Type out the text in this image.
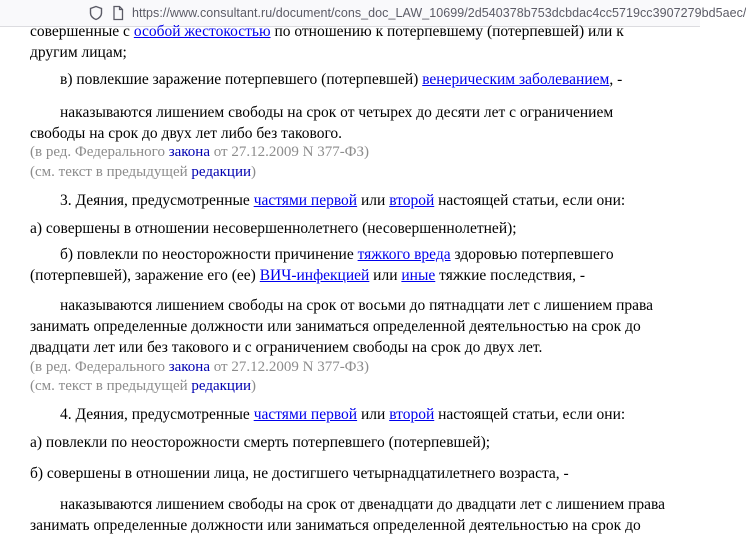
https://www.consultant.ru/document/cons_doc_LAW_10699/2d540378b753dcbdac4cc5719cc3907279bd5aec/

совершенные с особой жестокостью по отношению к потерпевшему (потерпевшей) или к другим лицам;

в) повлекшие заражение потерпевшего (потерпевшей) венерическим заболеванием, -

наказываются лишением свободы на срок от четырех до десяти лет с ограничением свободы на срок до двух лет либо без такового.

(в ред. Федерального закона от 27.12.2009 N 377-ФЗ)

(см. текст в предыдущей редакции)

3. Деяния, предусмотренные частями первой или второй настоящей статьи, если они:

а) совершены в отношении несовершеннолетнего (несовершеннолетней);

б) повлекли по неосторожности причинение тяжкого вреда здоровью потерпевшего (потерпевшей), заражение его (ее) ВИЧ-инфекцией или иные тяжкие последствия, -

наказываются лишением свободы на срок от восьми до пятнадцати лет с лишением права занимать определенные должности или заниматься определенной деятельностью на срок до двадцати лет или без такового и с ограничением свободы на срок до двух лет.

(в ред. Федерального закона от 27.12.2009 N 377-ФЗ)

(см. текст в предыдущей редакции)

4. Деяния, предусмотренные частями первой или второй настоящей статьи, если они:

а) повлекли по неосторожности смерть потерпевшего (потерпевшей);

б) совершены в отношении лица, не достигшего четырнадцатилетнего возраста, -

наказываются лишением свободы на срок от двенадцати до двадцати лет с лишением права занимать определенные должности или заниматься определенной деятельностью на срок до
